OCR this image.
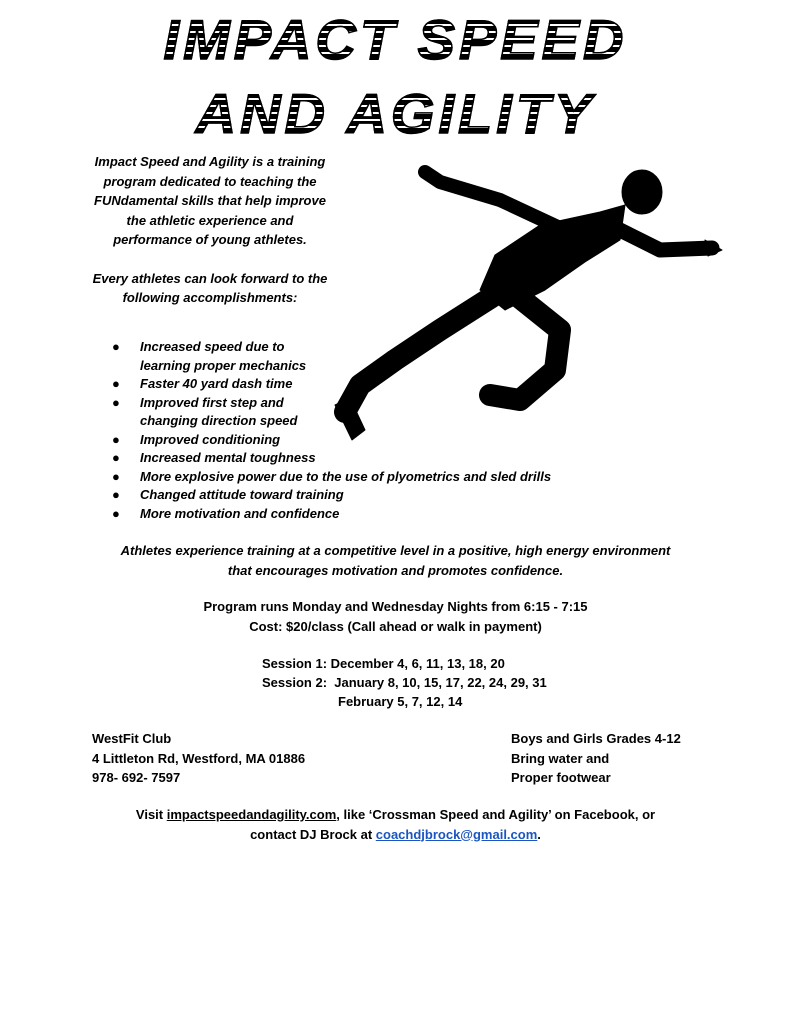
IMPACT SPEED
AND AGILITY

Impact Speed and Agility is a training program dedicated to teaching the FUNdamental skills that help improve the athletic experience and performance of young athletes.

Every athletes can look forward to the following accomplishments:

● Increased speed due to learning proper mechanics
● Faster 40 yard dash time
● Improved first step and changing direction speed
● Improved conditioning
● Increased mental toughness
● More explosive power due to the use of plyometrics and sled drills
● Changed attitude toward training
● More motivation and confidence
Athletes experience training at a competitive level in a positive, high energy environment
that encourages motivation and promotes confidence.
Program runs Monday and Wednesday Nights from 6:15 - 7:15
Cost: $20/class (Call ahead or walk in payment)
Session 1: December 4, 6, 11, 13, 18, 20
Session 2:  January 8, 10, 15, 17, 22, 24, 29, 31
February 5, 7, 12, 14
WestFit Club
4 Littleton Rd, Westford, MA 01886
978- 692- 7597
Boys and Girls Grades 4-12
Bring water and
Proper footwear
Visit impactspeedandagility.com, like ‘Crossman Speed and Agility’ on Facebook, or
contact DJ Brock at coachdjbrock@gmail.com.
